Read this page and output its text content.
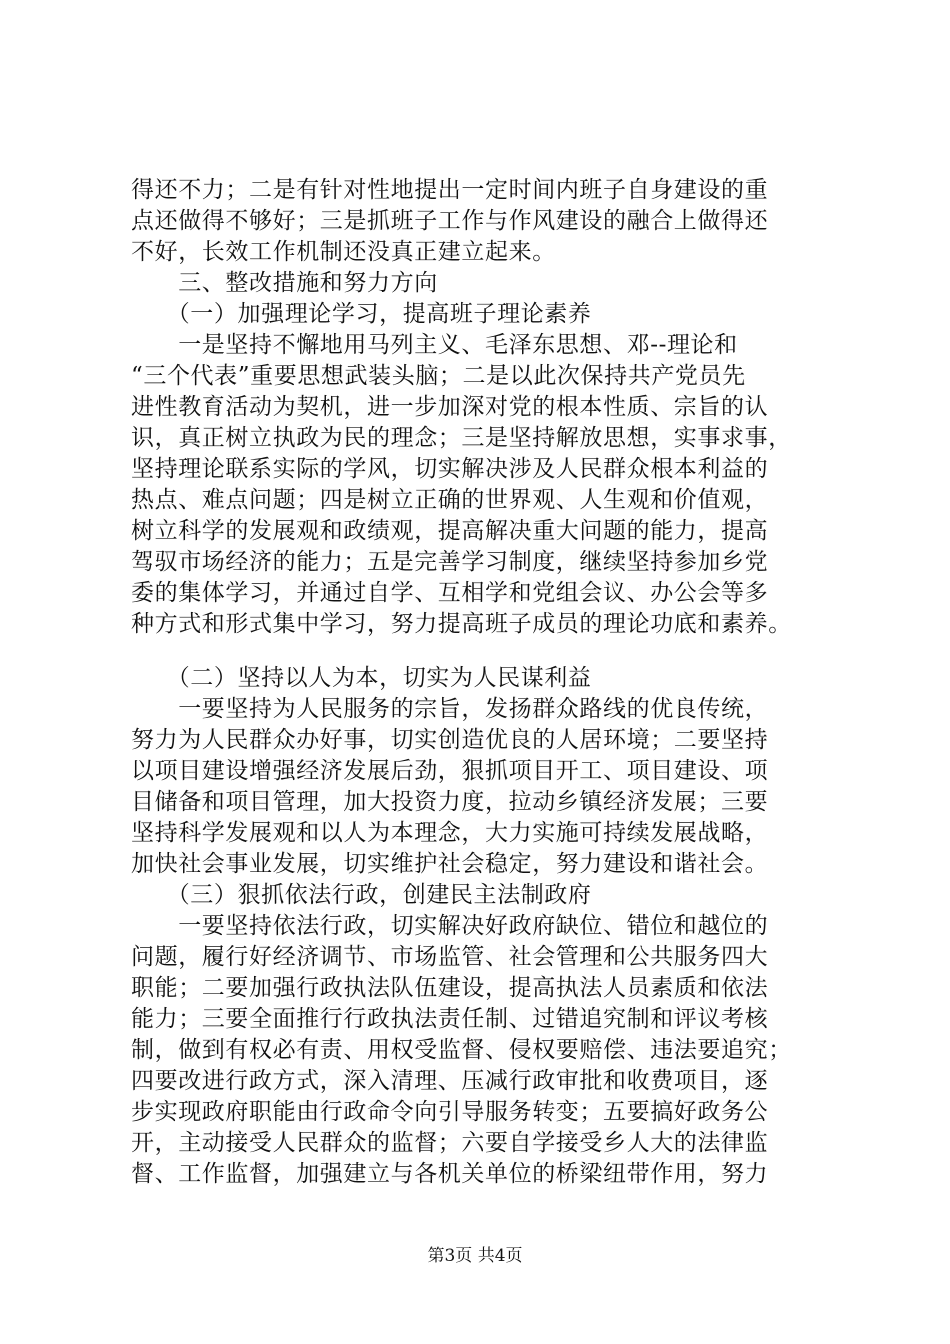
得还不力；二是有针对性地提出一定时间内班子自身建设的重
点还做得不够好；三是抓班子工作与作风建设的融合上做得还
不好，长效工作机制还没真正建立起来。
　　三、整改措施和努力方向
　　（一）加强理论学习，提高班子理论素养
　　一是坚持不懈地用马列主义、毛泽东思想、邓--理论和
“三个代表”重要思想武装头脑；二是以此次保持共产党员先
进性教育活动为契机，进一步加深对党的根本性质、宗旨的认
识，真正树立执政为民的理念；三是坚持解放思想，实事求事，
坚持理论联系实际的学风，切实解决涉及人民群众根本利益的
热点、难点问题；四是树立正确的世界观、人生观和价值观，
树立科学的发展观和政绩观，提高解决重大问题的能力，提高
驾驭市场经济的能力；五是完善学习制度，继续坚持参加乡党
委的集体学习，并通过自学、互相学和党组会议、办公会等多
种方式和形式集中学习，努力提高班子成员的理论功底和素养。
　　（二）坚持以人为本，切实为人民谋利益
　　一要坚持为人民服务的宗旨，发扬群众路线的优良传统，
努力为人民群众办好事，切实创造优良的人居环境；二要坚持
以项目建设增强经济发展后劲，狠抓项目开工、项目建设、项
目储备和项目管理，加大投资力度，拉动乡镇经济发展；三要
坚持科学发展观和以人为本理念，大力实施可持续发展战略，
加快社会事业发展，切实维护社会稳定，努力建设和谐社会。
　　（三）狠抓依法行政，创建民主法制政府
　　一要坚持依法行政，切实解决好政府缺位、错位和越位的
问题，履行好经济调节、市场监管、社会管理和公共服务四大
职能；二要加强行政执法队伍建设，提高执法人员素质和依法
能力；三要全面推行行政执法责任制、过错追究制和评议考核
制，做到有权必有责、用权受监督、侵权要赔偿、违法要追究；
四要改进行政方式，深入清理、压减行政审批和收费项目，逐
步实现政府职能由行政命令向引导服务转变；五要搞好政务公
开，主动接受人民群众的监督；六要自学接受乡人大的法律监
督、工作监督，加强建立与各机关单位的桥梁纽带作用，努力
第3页 共4页
